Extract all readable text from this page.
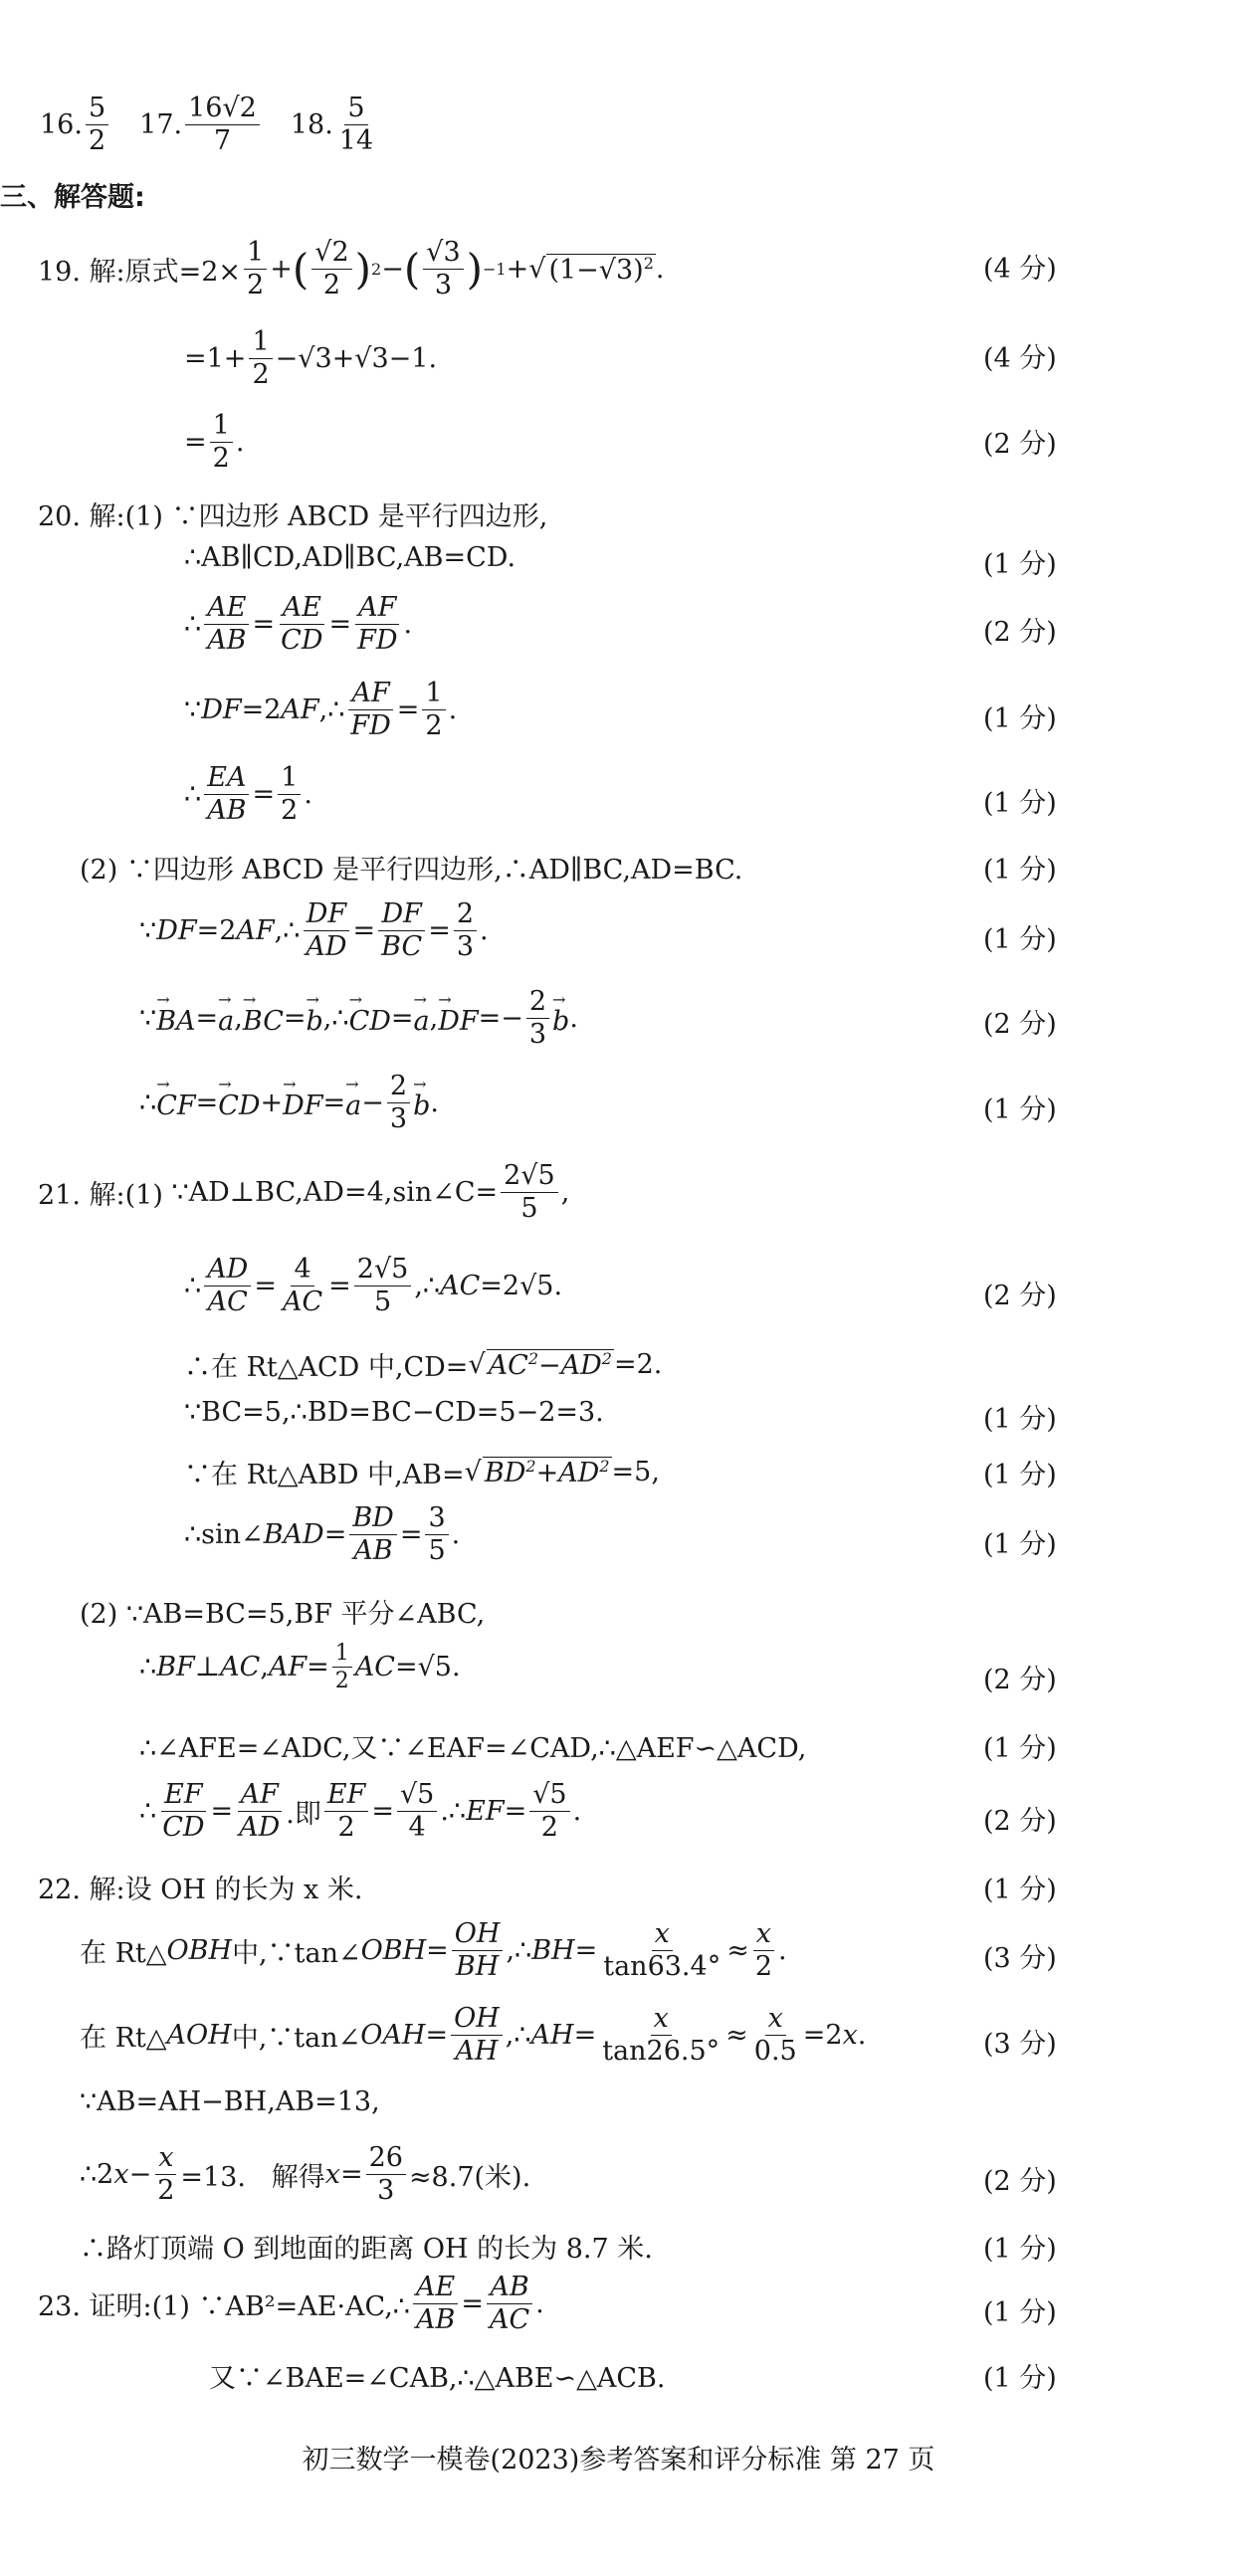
16.
5
2
17.
16√2
7
18.
5
14
三、解答题:
19. 解:原式$=2\times \frac{1}{2}$ + ( √2
2 ) 2 − ( √3
3 ) −1 +√ $(1-√3)^2$ .	(4 分)
$=1+ \frac{1}{2} -√3+√3-1$.	(4 分)
= $\frac{1}{2}$ .	(2 分)
20. 解:(1)
∵四边形 ABCD 是平行四边形,
∴AB∥CD,AD∥BC,AB=CD.	(1 分)
∴
AE
AB
=
AE
CD
=
AF
FD
.	(2 分)
∵ DF =2 AF ,∴
AF
FD
=
1
2
.	(1 分)
∴
EA
AB
=
1
2
.	(1 分)
(2) ∵四边形 ABCD 是平行四边形,∴AD∥BC,AD=BC.	(1 分)
∵ DF =2 AF ,∴
DF
AD
=
DF
BC
=
2
3
.	(1 分)
∵ → BA = → a , → BC = → b ,∴ → CD = → a , → DF =−
2
3 → b .	(2 分)
∴ → CF = → CD + → DF = → a −
2
3 → b .	(1 分)
21. 解:(1)
∵AD⊥BC,AD=4,sin∠C= $\frac{2√5}{5}$ ,
∴
AD
AC
=
4
AC
=
2√5
5
,∴ AC =2√5.	(2 分)
∴在 Rt△ACD 中,CD= √ $AC^2-AD^2 =2$.
∵BC=5,∴BD=BC−CD=5−2=3.	(1 分)
∵在 Rt△ABD 中,AB= √ $BD^2+AD^2 =5$,	(1 分)
∴sin∠ BAD =
BD
AB
=
3
5
.	(1 分)
(2) ∵AB=BC=5,BF 平分∠ABC,
∴ BF ⊥ AC , AF = 1
2 AC =√5.	(2 分)
∴∠AFE=∠ADC,又∵∠EAF=∠CAD,∴△AEF∽△ACD,	(1 分)
∴
EF
CD
=
AF
AD .即
EF
2
=
√5
4
.∴ EF =
√5
2
.	(2 分)
22. 解:设 OH 的长为 x 米.	(1 分)
在 Rt△ OBH 中,∵tan∠ OBH =
OH
BH
,∴ BH =
x
tan63.4°
≈
x
2
.	(3 分)
在 Rt△ AOH 中,∵tan∠ OAH =
OH
AH
,∴ AH =
x
tan26.5°
≈
x
0.5
=2 x .	(3 分)
∵AB=AH−BH,AB=13,
∴2 x −
x
2 =13.   解得 x =
26
3 ≈8.7(米).	(2 分)
∴路灯顶端 O 到地面的距离 OH 的长为 8.7 米.	(1 分)
23. 证明:(1) ∵AB²=AE·AC,∴
AE
AB
=
AB
AC
.	(1 分)
又∵∠BAE=∠CAB,∴△ABE∽△ACB.	(1 分)
初三数学一模卷(2023)参考答案和评分标准 第 27 页
